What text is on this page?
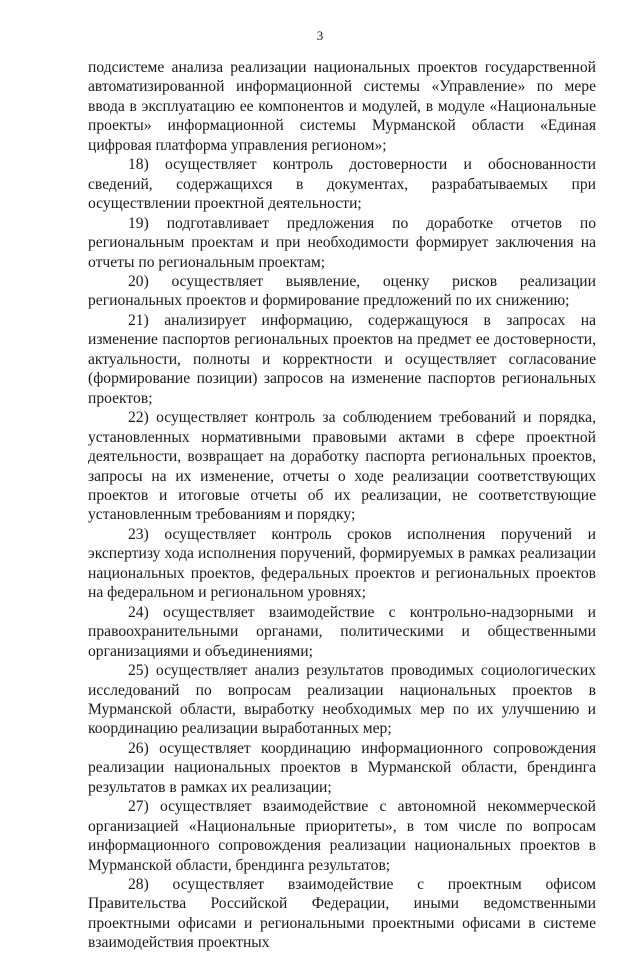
3

подсистеме анализа реализации национальных проектов государственной автоматизированной информационной системы «Управление» по мере ввода в эксплуатацию ее компонентов и модулей, в модуле «Национальные проекты» информационной системы Мурманской области «Единая цифровая платформа управления регионом»;

18) осуществляет контроль достоверности и обоснованности сведений, содержащихся в документах, разрабатываемых при осуществлении проектной деятельности;

19) подготавливает предложения по доработке отчетов по региональным проектам и при необходимости формирует заключения на отчеты по региональным проектам;

20) осуществляет выявление, оценку рисков реализации региональных проектов и формирование предложений по их снижению;

21) анализирует информацию, содержащуюся в запросах на изменение паспортов региональных проектов на предмет ее достоверности, актуальности, полноты и корректности и осуществляет согласование (формирование позиции) запросов на изменение паспортов региональных проектов;

22) осуществляет контроль за соблюдением требований и порядка, установленных нормативными правовыми актами в сфере проектной деятельности, возвращает на доработку паспорта региональных проектов, запросы на их изменение, отчеты о ходе реализации соответствующих проектов и итоговые отчеты об их реализации, не соответствующие установленным требованиям и порядку;

23) осуществляет контроль сроков исполнения поручений и экспертизу хода исполнения поручений, формируемых в рамках реализации национальных проектов, федеральных проектов и региональных проектов на федеральном и региональном уровнях;

24) осуществляет взаимодействие с контрольно-надзорными и правоохранительными органами, политическими и общественными организациями и объединениями;

25) осуществляет анализ результатов проводимых социологических исследований по вопросам реализации национальных проектов в Мурманской области, выработку необходимых мер по их улучшению и координацию реализации выработанных мер;

26) осуществляет координацию информационного сопровождения реализации национальных проектов в Мурманской области, брендинга результатов в рамках их реализации;

27) осуществляет взаимодействие с автономной некоммерческой организацией «Национальные приоритеты», в том числе по вопросам информационного сопровождения реализации национальных проектов в Мурманской области, брендинга результатов;

28) осуществляет взаимодействие с проектным офисом Правительства Российской Федерации, иными ведомственными проектными офисами и региональными проектными офисами в системе взаимодействия проектных
